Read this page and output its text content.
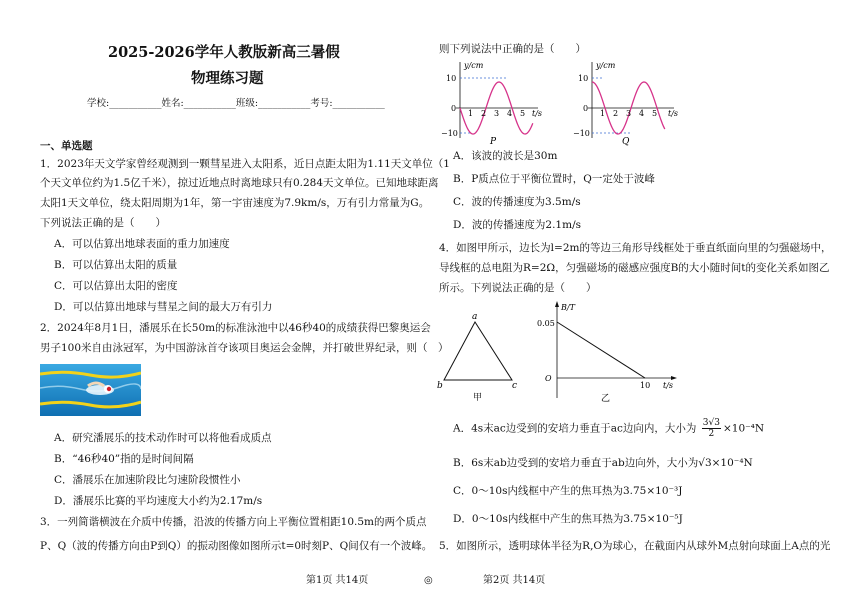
2025-2026学年人教版新高三暑假
物理练习题
学校:___________姓名:___________班级:___________考号:___________
一、单选题
1．2023年天文学家曾经观测到一颗彗星进入太阳系，近日点距太阳为1.11天文单位（1
个天文单位约为1.5亿千米），掠过近地点时离地球只有0.284天文单位。已知地球距离
太阳1天文单位，绕太阳周期为1年，第一宇宙速度为7.9km/s，万有引力常量为G。
下列说法正确的是（　　）
A．可以估算出地球表面的重力加速度
B．可以估算出太阳的质量
C．可以估算出太阳的密度
D．可以估算出地球与彗星之间的最大万有引力
2．2024年8月1日，潘展乐在长50m的标准泳池中以46秒40的成绩获得巴黎奥运会
男子100米自由泳冠军，为中国游泳首夺该项目奥运会金牌，并打破世界纪录，则（　）
A．研究潘展乐的技术动作时可以将他看成质点
B．“46秒40”指的是时间间隔
C．潘展乐在加速阶段比匀速阶段惯性小
D．潘展乐比赛的平均速度大小约为2.17m/s
3．一列简谐横波在介质中传播，沿波的传播方向上平衡位置相距10.5m的两个质点
P、Q（波的传播方向由P到Q）的振动图像如图所示t=0时刻P、Q间仅有一个波峰。
则下列说法中正确的是（　　）
y/cm
t/s
10
0
−10
1 2 3 4 5
P
y/cm
t/s
10
0
−10
1 2 3 4 5
Q
A．该波的波长是30m
B．P质点位于平衡位置时，Q一定处于波峰
C．波的传播速度为3.5m/s
D．波的传播速度为2.1m/s
4．如图甲所示，边长为l=2m的等边三角形导线框处于垂直纸面向里的匀强磁场中，
导线框的总电阻为R=2Ω，匀强磁场的磁感应强度B的大小随时间t的变化关系如图乙
所示。下列说法正确的是（　　）
a
b	c
甲
B/T
t/s
0.05
O
10
乙
A．4s末ac边受到的安培力垂直于ac边向内，大小为 $\frac{3√3}{2} \times 10^{-4}N$
B．6s末ab边受到的安培力垂直于ab边向外，大小为√3×10⁻⁴N
C．0～10s内线框中产生的焦耳热为3.75×10⁻³J
D．0～10s内线框中产生的焦耳热为3.75×10⁻⁵J
5．如图所示，透明球体半径为R,O为球心，在截面内从球外M点射向球面上A点的光
第1页 共14页	◎	第2页 共14页
